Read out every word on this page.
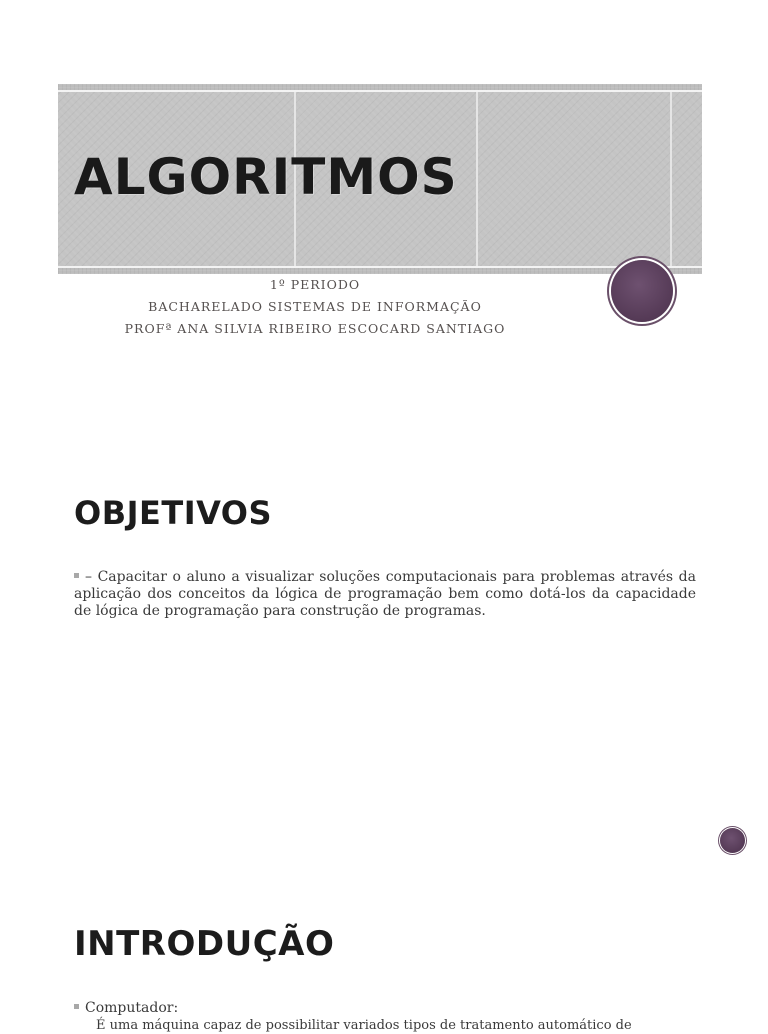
ALGORITMOS

1º PERIODO

BACHARELADO SISTEMAS DE INFORMAÇÃO

PROFª ANA SILVIA RIBEIRO ESCOCARD SANTIAGO

OBJETIVOS
– Capacitar o aluno a visualizar soluções computacionais para problemas através da aplicação dos conceitos da lógica de programação bem como dotá-los da capacidade de lógica de programação para construção de programas.
INTRODUÇÃO
Computador:
É uma máquina capaz de possibilitar variados tipos de tratamento automático de
